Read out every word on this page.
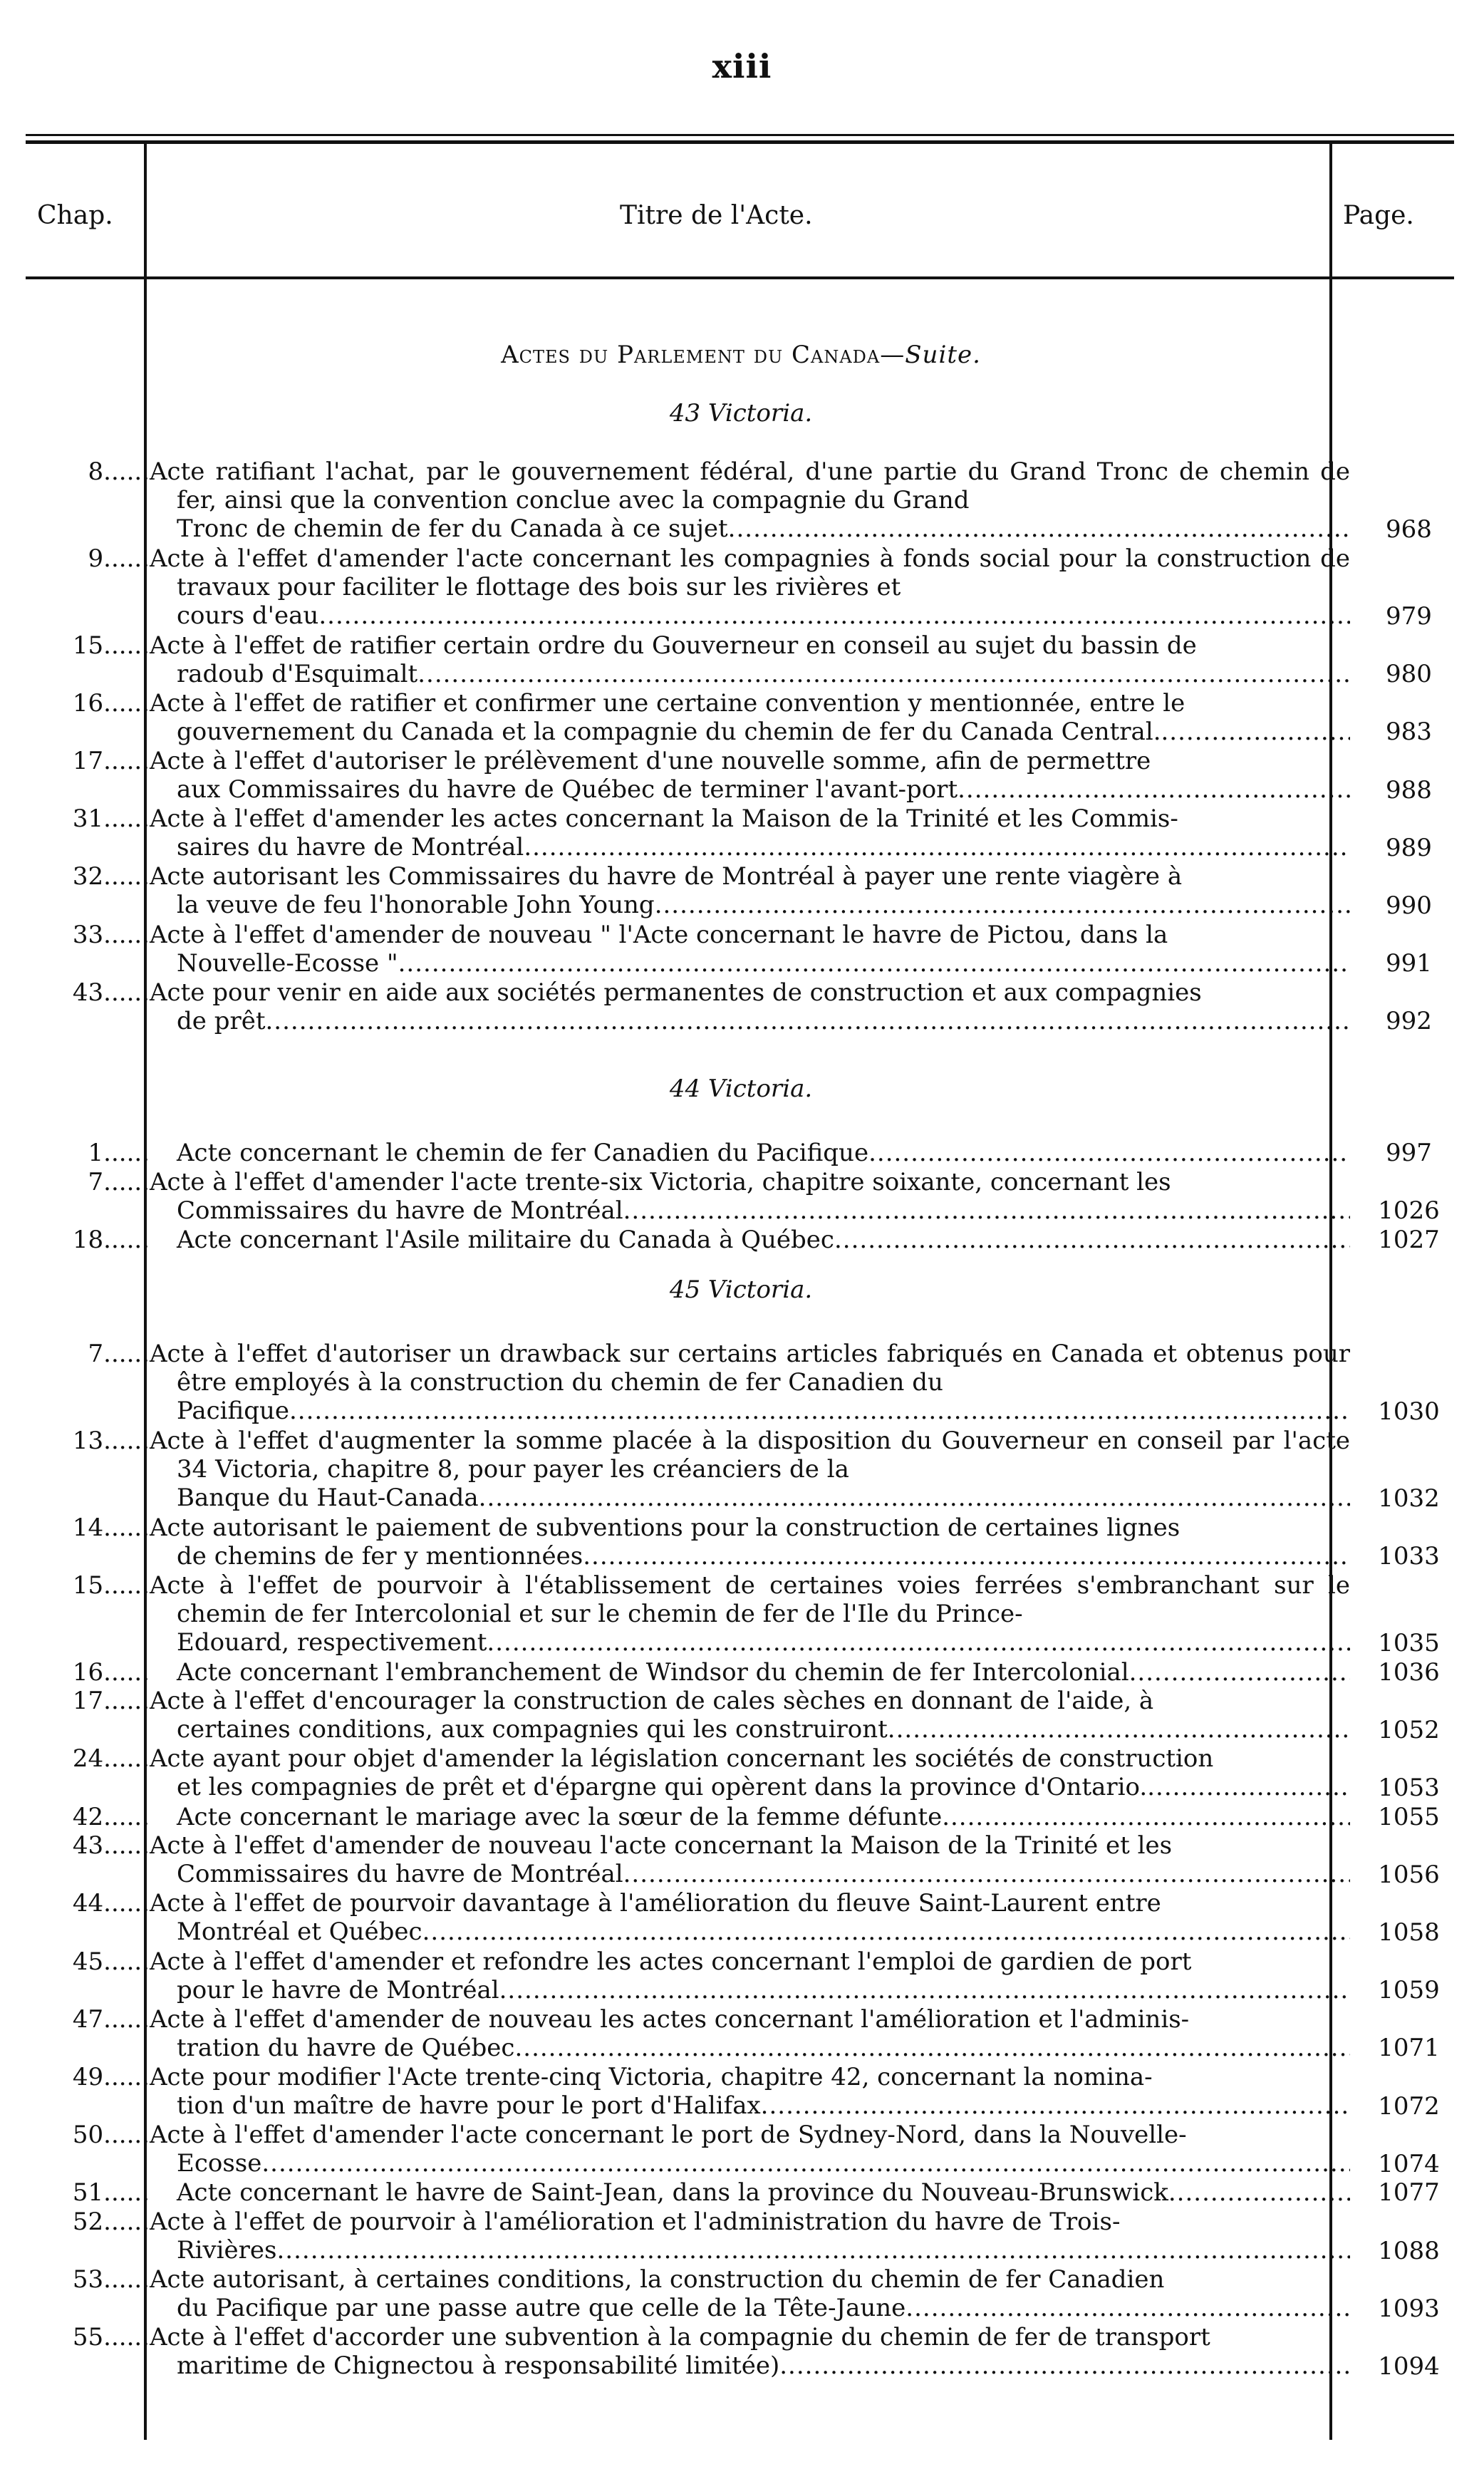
xiii
Chap.	Titre de l'Acte.	Page.
Actes du Parlement du Canada—Suite.
43 Victoria.
8 ......	Acte ratifiant l'achat, par le gouvernement fédéral, d'une partie du Grand Tronc de chemin de fer, ainsi que la convention conclue avec la compagnie du Grand
Tronc de chemin de fer du Canada à ce sujet .....	968
9 ......	Acte à l'effet d'amender l'acte concernant les compagnies à fonds social pour la construction de travaux pour faciliter le flottage des bois sur les rivières et
cours d'eau .....	979
15 ......	Acte à l'effet de ratifier certain ordre du Gouverneur en conseil au sujet du bassin de
radoub d'Esquimalt .....	980
16 ......	Acte à l'effet de ratifier et confirmer une certaine convention y mentionnée, entre le
gouvernement du Canada et la compagnie du chemin de fer du Canada Central. .....	983
17 ......	Acte à l'effet d'autoriser le prélèvement d'une nouvelle somme, afin de permettre
aux Commissaires du havre de Québec de terminer l'avant-port .....	988
31 ......	Acte à l'effet d'amender les actes concernant la Maison de la Trinité et les Commis-
saires du havre de Montréal .....	989
32 ......	Acte autorisant les Commissaires du havre de Montréal à payer une rente viagère à
la veuve de feu l'honorable John Young .....	990
33 ......	Acte à l'effet d'amender de nouveau " l'Acte concernant le havre de Pictou, dans la
Nouvelle-Ecosse " .....	991
43 ......	Acte pour venir en aide aux sociétés permanentes de construction et aux compagnies
de prêt .....	992
44 Victoria.
1 ......	Acte concernant le chemin de fer Canadien du Pacifique .....	997
7 ......	Acte à l'effet d'amender l'acte trente-six Victoria, chapitre soixante, concernant les
Commissaires du havre de Montréal .....	1026
18 ......	Acte concernant l'Asile militaire du Canada à Québec .....	1027
45 Victoria.
7 ......	Acte à l'effet d'autoriser un drawback sur certains articles fabriqués en Canada et obtenus pour être employés à la construction du chemin de fer Canadien du
Pacifique .....	1030
13 ......	Acte à l'effet d'augmenter la somme placée à la disposition du Gouverneur en conseil par l'acte 34 Victoria, chapitre 8, pour payer les créanciers de la
Banque du Haut-Canada .....	1032
14 ......	Acte autorisant le paiement de subventions pour la construction de certaines lignes
de chemins de fer y mentionnées .....	1033
15 ......	Acte à l'effet de pourvoir à l'établissement de certaines voies ferrées s'embranchant sur le chemin de fer Intercolonial et sur le chemin de fer de l'Ile du Prince-
Edouard, respectivement .....	1035
16 ......	Acte concernant l'embranchement de Windsor du chemin de fer Intercolonial .....	1036
17 ......	Acte à l'effet d'encourager la construction de cales sèches en donnant de l'aide, à
certaines conditions, aux compagnies qui les construiront .....	1052
24 ......	Acte ayant pour objet d'amender la législation concernant les sociétés de construction
et les compagnies de prêt et d'épargne qui opèrent dans la province d'Ontario. .....	1053
42 ......	Acte concernant le mariage avec la sœur de la femme défunte .....	1055
43 ......	Acte à l'effet d'amender de nouveau l'acte concernant la Maison de la Trinité et les
Commissaires du havre de Montréal .....	1056
44 ......	Acte à l'effet de pourvoir davantage à l'amélioration du fleuve Saint-Laurent entre
Montréal et Québec .....	1058
45 ......	Acte à l'effet d'amender et refondre les actes concernant l'emploi de gardien de port
pour le havre de Montréal .....	1059
47 ......	Acte à l'effet d'amender de nouveau les actes concernant l'amélioration et l'adminis-
tration du havre de Québec .....	1071
49 ......	Acte pour modifier l'Acte trente-cinq Victoria, chapitre 42, concernant la nomina-
tion d'un maître de havre pour le port d'Halifax .....	1072
50 ......	Acte à l'effet d'amender l'acte concernant le port de Sydney-Nord, dans la Nouvelle-
Ecosse .....	1074
51 ......	Acte concernant le havre de Saint-Jean, dans la province du Nouveau-Brunswick .....	1077
52 ......	Acte à l'effet de pourvoir à l'amélioration et l'administration du havre de Trois-
Rivières .....	1088
53 ......	Acte autorisant, à certaines conditions, la construction du chemin de fer Canadien
du Pacifique par une passe autre que celle de la Tête-Jaune .....	1093
55 ......	Acte à l'effet d'accorder une subvention à la compagnie du chemin de fer de transport
maritime de Chignectou à responsabilité limitée) .....	1094
